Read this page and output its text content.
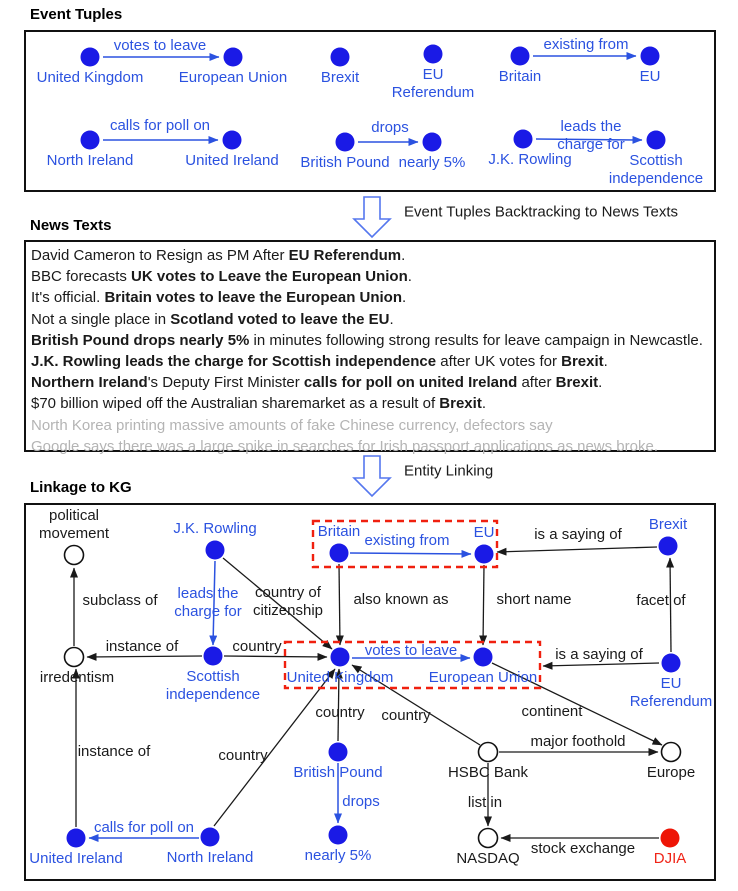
Event Tuples
News Texts
Linkage to KG
Event Tuples Backtracking to News Texts
Entity Linking
David Cameron to Resign as PM After EU Referendum.
BBC forecasts UK votes to Leave the European Union.
It's official. Britain votes to leave the European Union.
Not a single place in Scotland voted to leave the EU.
British Pound drops nearly 5% in minutes following strong results for leave campaign in Newcastle.
J.K. Rowling leads the charge for Scottish independence after UK votes for Brexit.
Northern Ireland's Deputy First Minister calls for poll on united Ireland after Brexit.
$70 billion wiped off the Australian sharemarket as a result of Brexit.
North Korea printing massive amounts of fake Chinese currency, defectors say
Google says there was a large spike in searches for Irish passport applications as news broke.
votes to leave
United Kingdom European Union Brexit	EU
Referendum
existing from
Britain	EU
calls for poll on
North Ireland	United Ireland
drops
British Pound nearly 5%
leads the
charge for
J.K. Rowling	Scottish
independence
subclass of leads the
charge for
country of
citizenship
also known as
existing from	is a saying of
short name	facet of
votes to leave
instance of	country	is a saying of
continent
country
country country
major foothold
list in
stock exchange
calls for poll on
instance of
drops
political
movement	J.K. Rowling	Britain	EU	Brexit
irredentism	Scottish
independence
United Kingdom European Union	EU
Referendum
British Pound	HSBC Bank	Europe
nearly 5%	NASDAQ	DJIA
United Ireland	North Ireland
